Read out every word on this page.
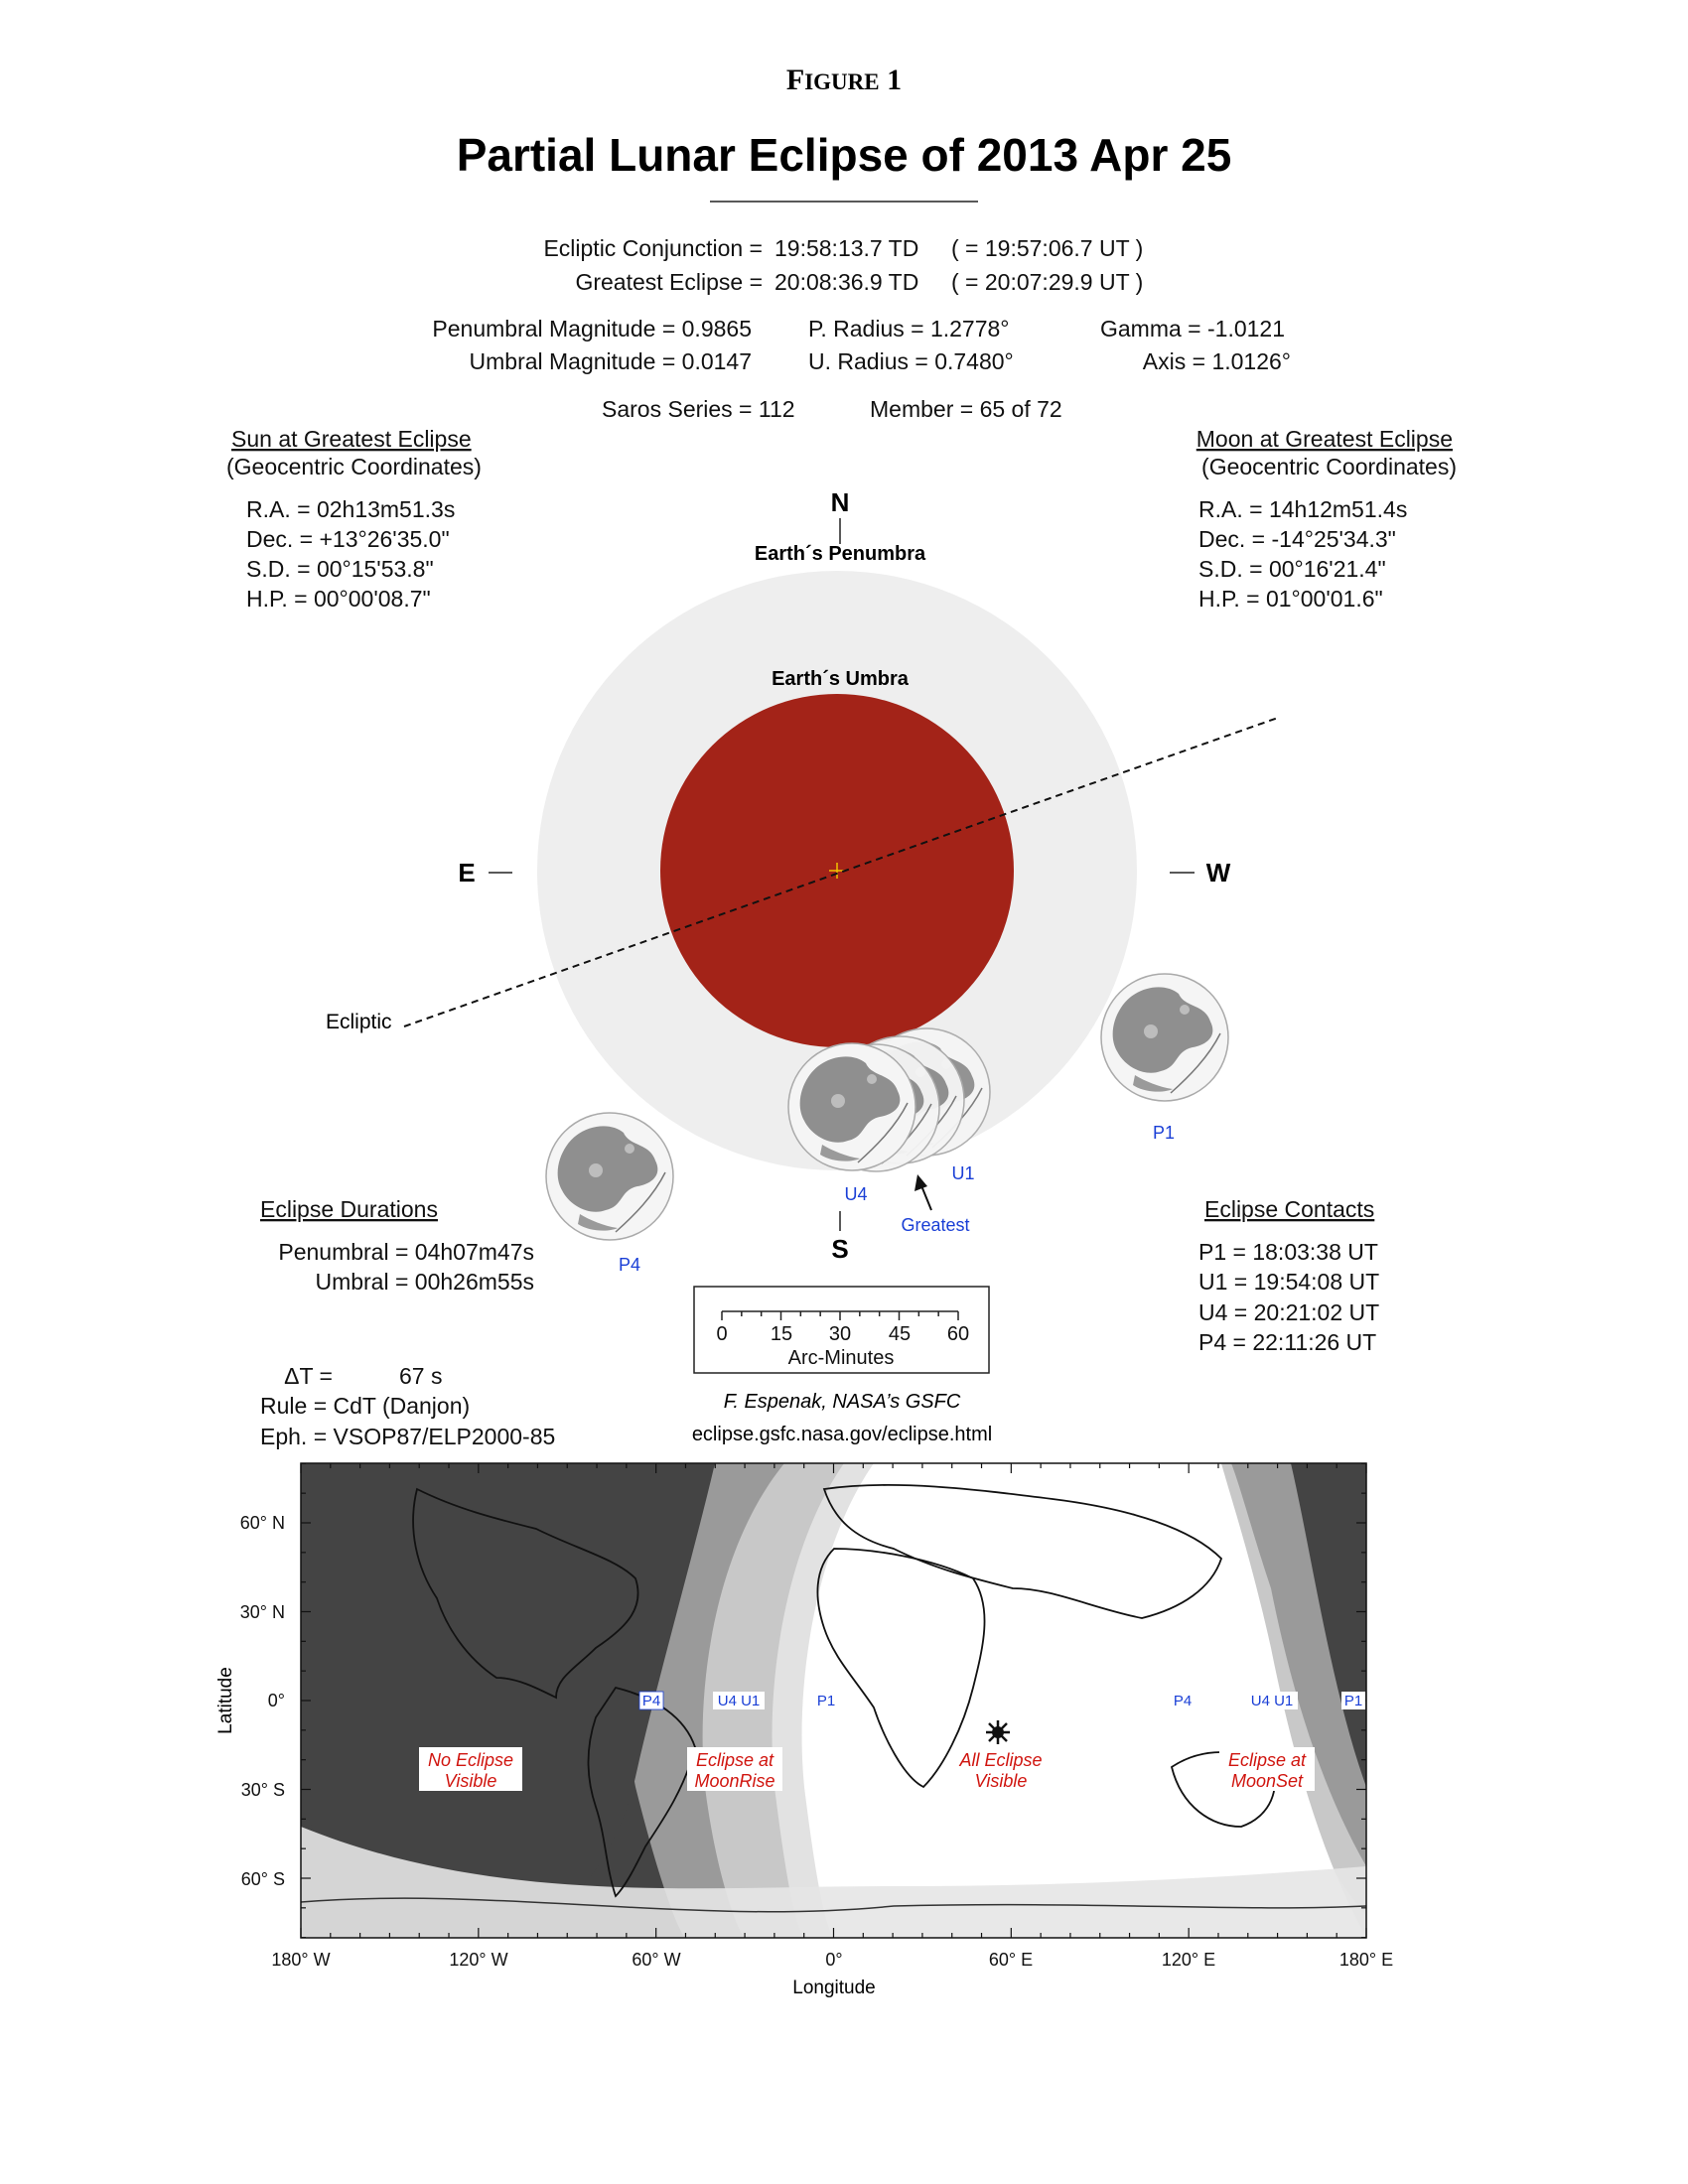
FIGURE 1
Partial Lunar Eclipse of 2013 Apr 25
Ecliptic Conjunction = 19:58:13.7 TD ( = 19:57:06.7 UT )
Greatest Eclipse = 20:08:36.9 TD ( = 20:07:29.9 UT )
Penumbral Magnitude = 0.9865
Umbral Magnitude = 0.0147
P. Radius = 1.2778°
U. Radius = 0.7480°
Gamma = -1.0121
Axis = 1.0126°
Saros Series = 112	Member = 65 of 72
Sun at Greatest Eclipse
(Geocentric Coordinates)
R.A. = 02h13m51.3s
Dec. = +13°26'35.0"
S.D. = 00°15'53.8"
H.P. = 00°00'08.7"
Moon at Greatest Eclipse
(Geocentric Coordinates)
R.A. = 14h12m51.4s
Dec. = -14°25'34.3"
S.D. = 00°16'21.4"
H.P. = 01°00'01.6"
N
Earth´s Penumbra
Earth´s Umbra
E	W
Ecliptic
P1
U1
U4
Greatest
P4
S
Eclipse Durations
Penumbral = 04h07m47s
Umbral = 00h26m55s
Eclipse Contacts
P1 = 18:03:38 UT
U1 = 19:54:08 UT
U4 = 20:21:02 UT
P4 = 22:11:26 UT
0 15 30 45 60
Arc-Minutes
ΔT =	67 s
Rule = CdT (Danjon)
Eph. = VSOP87/ELP2000-85
F. Espenak, NASA’s GSFC
eclipse.gsfc.nasa.gov/eclipse.html
60° N
30° N
0°
30° S
60° S
Latitude
180° W	120° W	60° W	0°	60° E	120° E	180° E
Longitude
P4	U4 U1	P1	P4	U4 U1	P1
No Eclipse
Visible
Eclipse at
MoonRise
All Eclipse
Visible
Eclipse at
MoonSet
